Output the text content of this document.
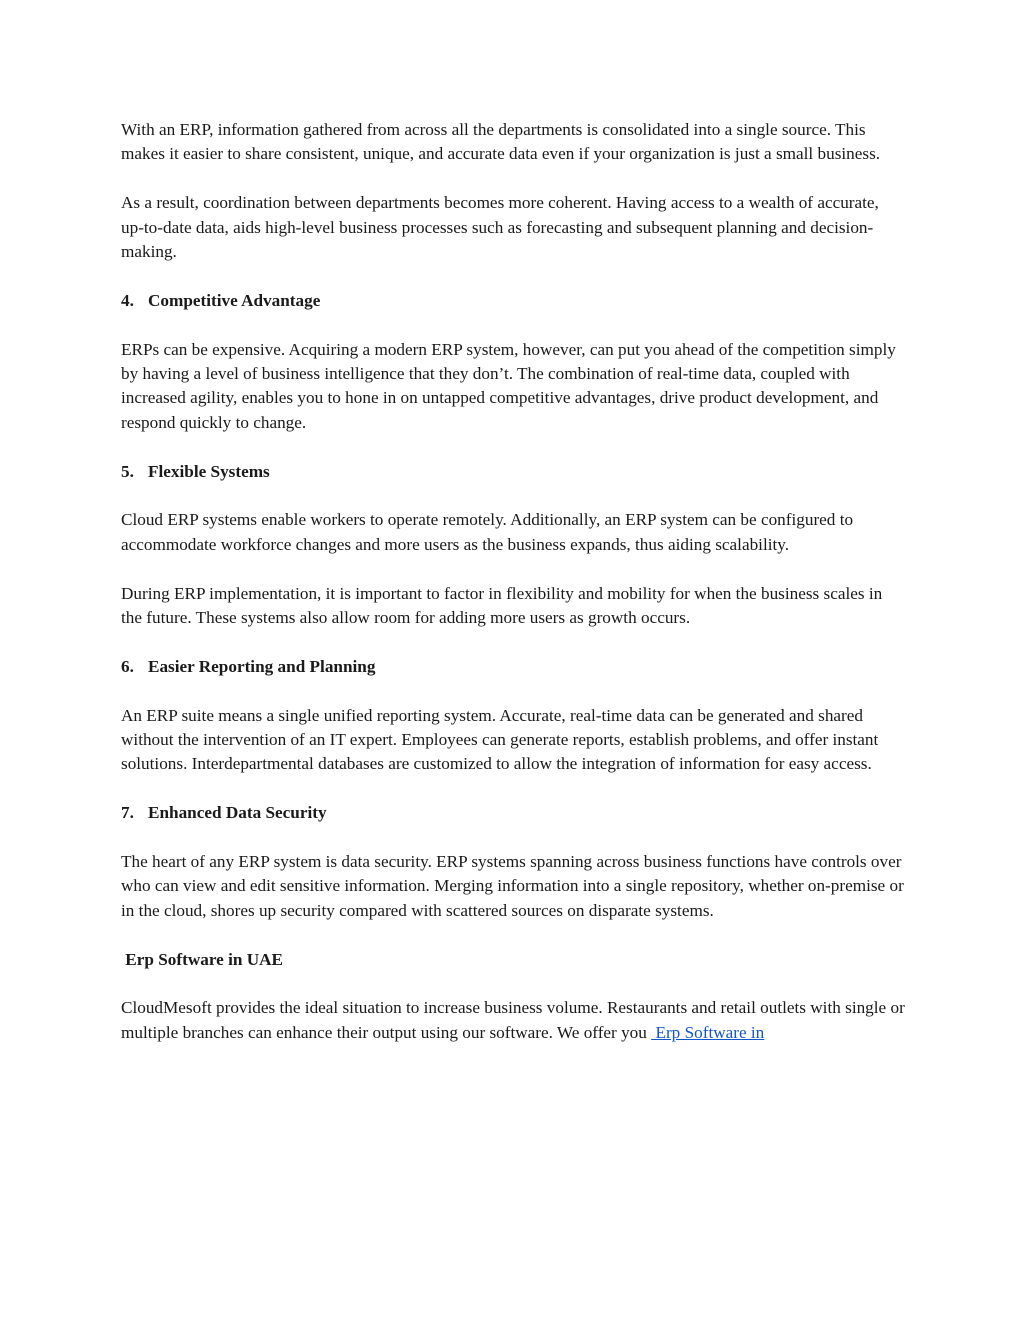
With an ERP, information gathered from across all the departments is consolidated into a single source. This makes it easier to share consistent, unique, and accurate data even if your organization is just a small business.

As a result, coordination between departments becomes more coherent. Having access to a wealth of accurate, up-to-date data, aids high-level business processes such as forecasting and subsequent planning and decision-making.

4. Competitive Advantage

ERPs can be expensive. Acquiring a modern ERP system, however, can put you ahead of the competition simply by having a level of business intelligence that they don’t. The combination of real-time data, coupled with increased agility, enables you to hone in on untapped competitive advantages, drive product development, and respond quickly to change.

5. Flexible Systems

Cloud ERP systems enable workers to operate remotely. Additionally, an ERP system can be configured to accommodate workforce changes and more users as the business expands, thus aiding scalability.

During ERP implementation, it is important to factor in flexibility and mobility for when the business scales in the future. These systems also allow room for adding more users as growth occurs.

6. Easier Reporting and Planning

An ERP suite means a single unified reporting system. Accurate, real-time data can be generated and shared without the intervention of an IT expert. Employees can generate reports, establish problems, and offer instant solutions. Interdepartmental databases are customized to allow the integration of information for easy access.

7. Enhanced Data Security

The heart of any ERP system is data security. ERP systems spanning across business functions have controls over who can view and edit sensitive information. Merging information into a single repository, whether on-premise or in the cloud, shores up security compared with scattered sources on disparate systems.

Erp Software in UAE

CloudMesoft provides the ideal situation to increase business volume. Restaurants and retail outlets with single or multiple branches can enhance their output using our software. We offer you  Erp Software in
